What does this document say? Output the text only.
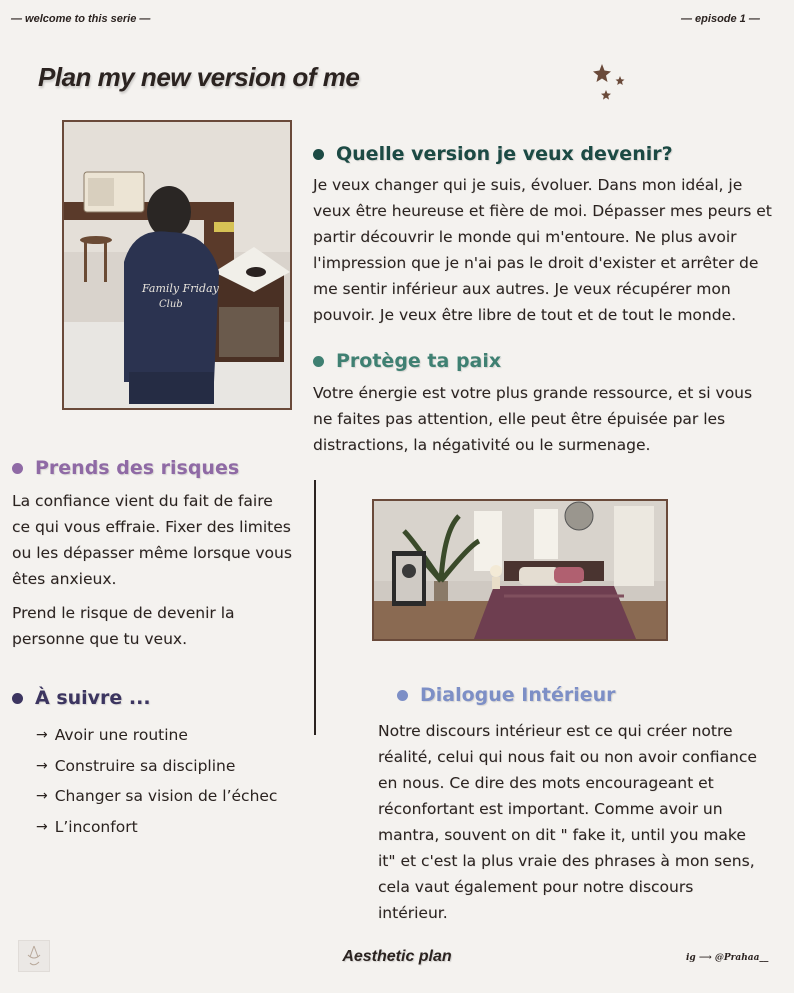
— welcome to this serie —	— episode 1 —
Plan my new version of me
Family Friday
Club
Quelle version je veux devenir?
Je veux changer qui je suis, évoluer. Dans mon idéal, je
veux être heureuse et fière de moi. Dépasser mes peurs et
partir découvrir le monde qui m'entoure. Ne plus avoir
l'impression que je n'ai pas le droit d'exister et arrêter de
me sentir inférieur aux autres. Je veux récupérer mon
pouvoir. Je veux être libre de tout et de tout le monde.
Protège ta paix
Votre énergie est votre plus grande ressource, et si vous
ne faites pas attention, elle peut être épuisée par les
distractions, la négativité ou le surmenage.
Prends des risques
La confiance vient du fait de faire
ce qui vous effraie. Fixer des limites
ou les dépasser même lorsque vous
êtes anxieux.
Prend le risque de devenir la
personne que tu veux.
À suivre ...
→ Avoir une routine
→ Construire sa discipline
→ Changer sa vision de l’échec
→ L’inconfort
Dialogue Intérieur
Notre discours intérieur est ce qui créer notre
réalité, celui qui nous fait ou non avoir confiance
en nous. Ce dire des mots encourageant et
réconfortant est important. Comme avoir un
mantra, souvent on dit " fake it, until you make
it" et c'est la plus vraie des phrases à mon sens,
cela vaut également pour notre discours
intérieur.
Aesthetic plan	ig ⟶ @Prahaa__
